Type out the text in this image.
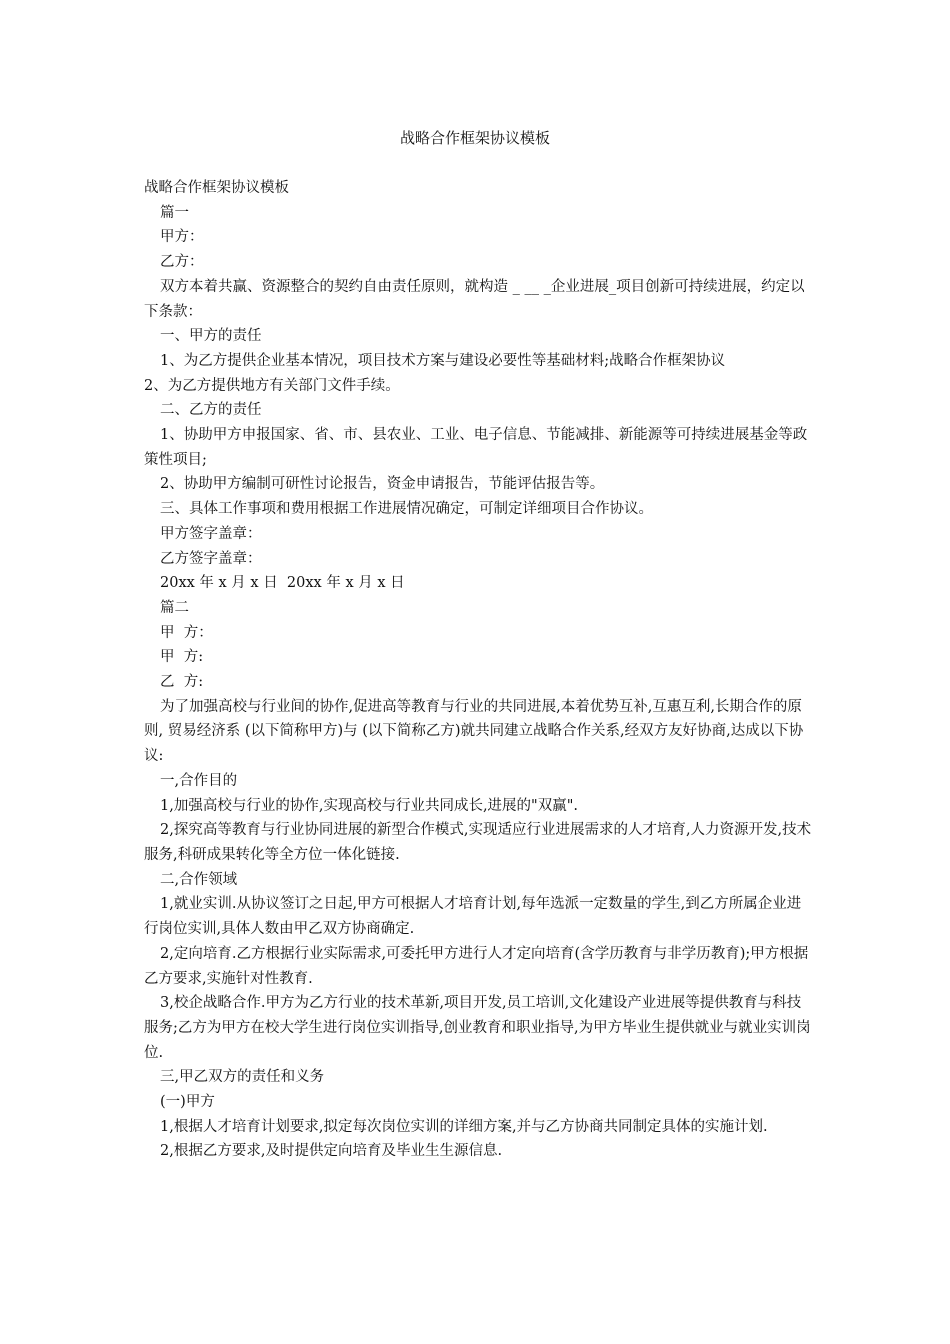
战略合作框架协议模板

战略合作框架协议模板

篇一

甲方：

乙方：

双方本着共赢、资源整合的契约自由责任原则，就构造 _ __ _企业进展_项目创新可持续进展，约定以下条款：

一、甲方的责任

1、为乙方提供企业基本情况，项目技术方案与建设必要性等基础材料;战略合作框架协议

2、为乙方提供地方有关部门文件手续。

二、乙方的责任

1、协助甲方申报国家、省、市、县农业、工业、电子信息、节能减排、新能源等可持续进展基金等政策性项目;

2、协助甲方编制可研性讨论报告，资金申请报告，节能评估报告等。

三、具体工作事项和费用根据工作进展情况确定，可制定详细项目合作协议。

甲方签字盖章：

乙方签字盖章：

20xx 年 x 月 x 日  20xx 年 x 月 x 日

篇二

甲  方：

甲  方:

乙  方:

为了加强高校与行业间的协作,促进高等教育与行业的共同进展,本着优势互补,互惠互利,长期合作的原则, 贸易经济系 (以下简称甲方)与 (以下简称乙方)就共同建立战略合作关系,经双方友好协商,达成以下协议:

一,合作目的

1,加强高校与行业的协作,实现高校与行业共同成长,进展的"双赢".

2,探究高等教育与行业协同进展的新型合作模式,实现适应行业进展需求的人才培育,人力资源开发,技术服务,科研成果转化等全方位一体化链接.

二,合作领域

1,就业实训.从协议签订之日起,甲方可根据人才培育计划,每年选派一定数量的学生,到乙方所属企业进行岗位实训,具体人数由甲乙双方协商确定.

2,定向培育.乙方根据行业实际需求,可委托甲方进行人才定向培育(含学历教育与非学历教育);甲方根据乙方要求,实施针对性教育.

3,校企战略合作.甲方为乙方行业的技术革新,项目开发,员工培训,文化建设产业进展等提供教育与科技服务;乙方为甲方在校大学生进行岗位实训指导,创业教育和职业指导,为甲方毕业生提供就业与就业实训岗位.

三,甲乙双方的责任和义务

(一)甲方

1,根据人才培育计划要求,拟定每次岗位实训的详细方案,并与乙方协商共同制定具体的实施计划.

2,根据乙方要求,及时提供定向培育及毕业生生源信息.
